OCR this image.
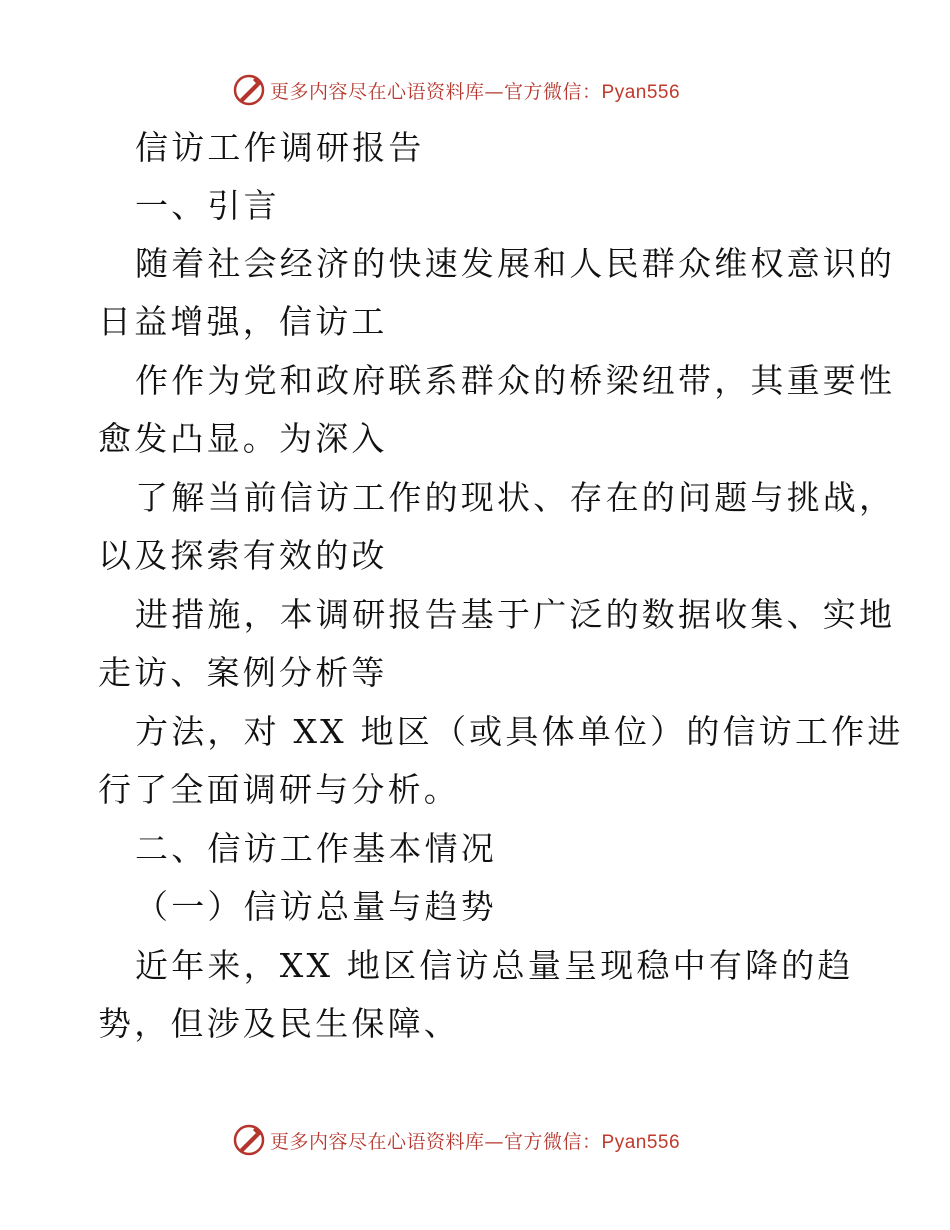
更多内容尽在心语资料库—官方微信：Pyan556
信访工作调研报告
一、引言
随着社会经济的快速发展和人民群众维权意识的
日益增强，信访工
作作为党和政府联系群众的桥梁纽带，其重要性
愈发凸显。为深入
了解当前信访工作的现状、存在的问题与挑战，
以及探索有效的改
进措施，本调研报告基于广泛的数据收集、实地
走访、案例分析等
方法，对 XX 地区（或具体单位）的信访工作进
行了全面调研与分析。
二、信访工作基本情况
（一）信访总量与趋势
近年来，XX 地区信访总量呈现稳中有降的趋
势，但涉及民生保障、
更多内容尽在心语资料库—官方微信：Pyan556
